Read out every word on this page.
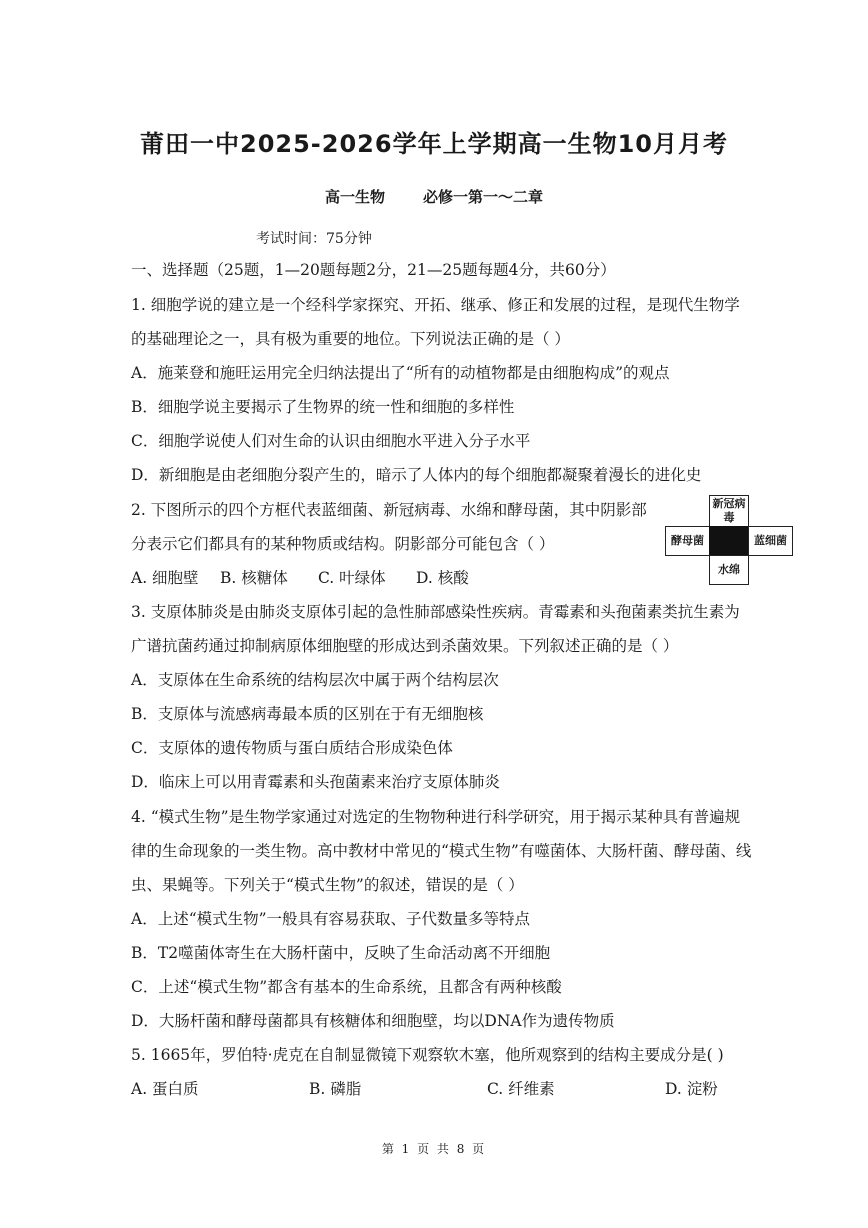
莆田一中2025-2026学年上学期高一生物10月月考
高一生物	必修一第一～二章
考试时间：75分钟
一、选择题（25题，1—20题每题2分，21—25题每题4分，共60分）
1. 细胞学说的建立是一个经科学家探究、开拓、继承、修正和发展的过程，是现代生物学
的基础理论之一，具有极为重要的地位。下列说法正确的是（ ）
A．施莱登和施旺运用完全归纳法提出了“所有的动植物都是由细胞构成”的观点
B．细胞学说主要揭示了生物界的统一性和细胞的多样性
C．细胞学说使人们对生命的认识由细胞水平进入分子水平
D．新细胞是由老细胞分裂产生的，暗示了人体内的每个细胞都凝聚着漫长的进化史
2. 下图所示的四个方框代表蓝细菌、新冠病毒、水绵和酵母菌，其中阴影部
分表示它们都具有的某种物质或结构。阴影部分可能包含（ ）
A. 细胞壁 B. 核糖体 C. 叶绿体 D. 核酸
新冠病毒
酵母菌	蓝细菌
水绵
3. 支原体肺炎是由肺炎支原体引起的急性肺部感染性疾病。青霉素和头孢菌素类抗生素为
广谱抗菌药通过抑制病原体细胞壁的形成达到杀菌效果。下列叙述正确的是（ ）
A．支原体在生命系统的结构层次中属于两个结构层次
B．支原体与流感病毒最本质的区别在于有无细胞核
C．支原体的遗传物质与蛋白质结合形成染色体
D．临床上可以用青霉素和头孢菌素来治疗支原体肺炎
4. “模式生物”是生物学家通过对选定的生物物种进行科学研究，用于揭示某种具有普遍规
律的生命现象的一类生物。高中教材中常见的“模式生物”有噬菌体、大肠杆菌、酵母菌、线
虫、果蝇等。下列关于“模式生物”的叙述，错误的是（ ）
A．上述“模式生物”一般具有容易获取、子代数量多等特点
B．T2噬菌体寄生在大肠杆菌中，反映了生命活动离不开细胞
C．上述“模式生物”都含有基本的生命系统，且都含有两种核酸
D．大肠杆菌和酵母菌都具有核糖体和细胞壁，均以DNA作为遗传物质
5. 1665年，罗伯特·虎克在自制显微镜下观察软木塞，他所观察到的结构主要成分是( )
A. 蛋白质	B. 磷脂	C. 纤维素	D. 淀粉
第 1 页 共 8 页
